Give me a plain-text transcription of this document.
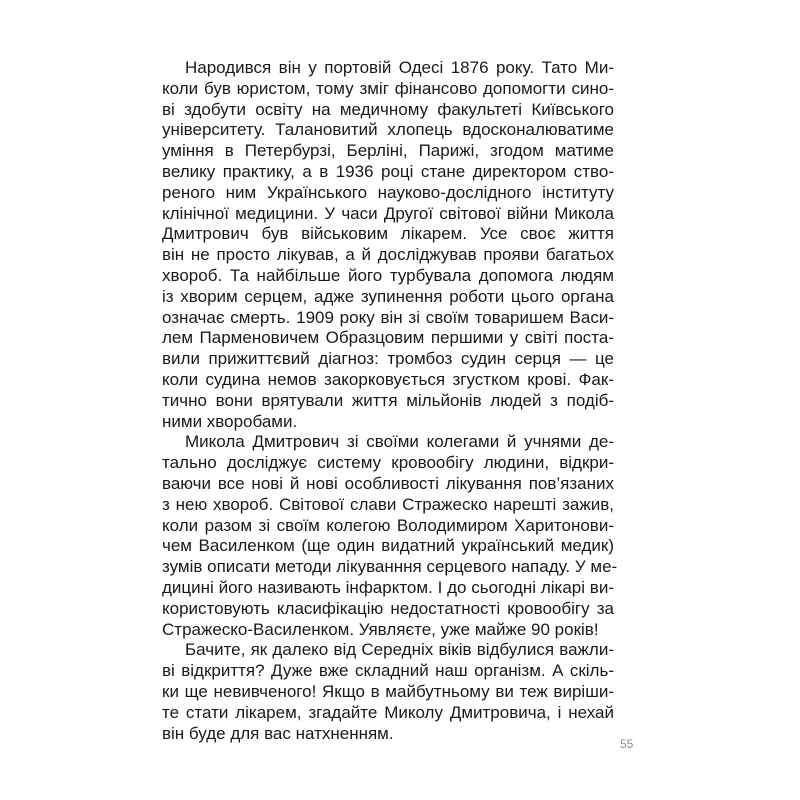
Народився він у портовій Одесі 1876 року. Тато Ми-
коли був юристом, тому зміг фінансово допомогти сино-
ві здобути освіту на медичному факультеті Київського
університету. Талановитий хлопець вдосконалюватиме
уміння в Петербурзі, Берліні, Парижі, згодом матиме
велику практику, а в 1936 році стане директором ство-
реного ним Українського науково-дослідного інституту
клінічної медицини. У часи Другої світової війни Микола
Дмитрович був військовим лікарем. Усе своє життя
він не просто лікував, а й досліджував прояви багатьох
хвороб. Та найбільше його турбувала допомога людям
із хворим серцем, адже зупинення роботи цього органа
означає смерть. 1909 року він зі своїм товаришем Васи-
лем Парменовичем Образцовим першими у світі поста-
вили прижиттєвий діагноз: тромбоз судин серця — це
коли судина немов закорковується згустком крові. Фак-
тично вони врятували життя мільйонів людей з подіб-
ними хворобами.

Микола Дмитрович зі своїми колегами й учнями де-
тально досліджує систему кровообігу людини, відкри-
ваючи все нові й нові особливості лікування пов’язаних
з нею хвороб. Світової слави Стражеско нарешті зажив,
коли разом зі своїм колегою Володимиром Харитонови-
чем Василенком (ще один видатний український медик)
зумів описати методи лікуванння серцевого нападу. У ме-
дицині його називають інфарктом. І до сьогодні лікарі ви-
користовують класифікацію недостатності кровообігу за
Стражеско-Василенком. Уявляєте, уже майже 90 років!

Бачите, як далеко від Середніх віків відбулися важли-
ві відкриття? Дуже вже складний наш організм. А скіль-
ки ще невивченого! Якщо в майбутньому ви теж виріши-
те стати лікарем, згадайте Миколу Дмитровича, і нехай
він буде для вас натхненням.

55
